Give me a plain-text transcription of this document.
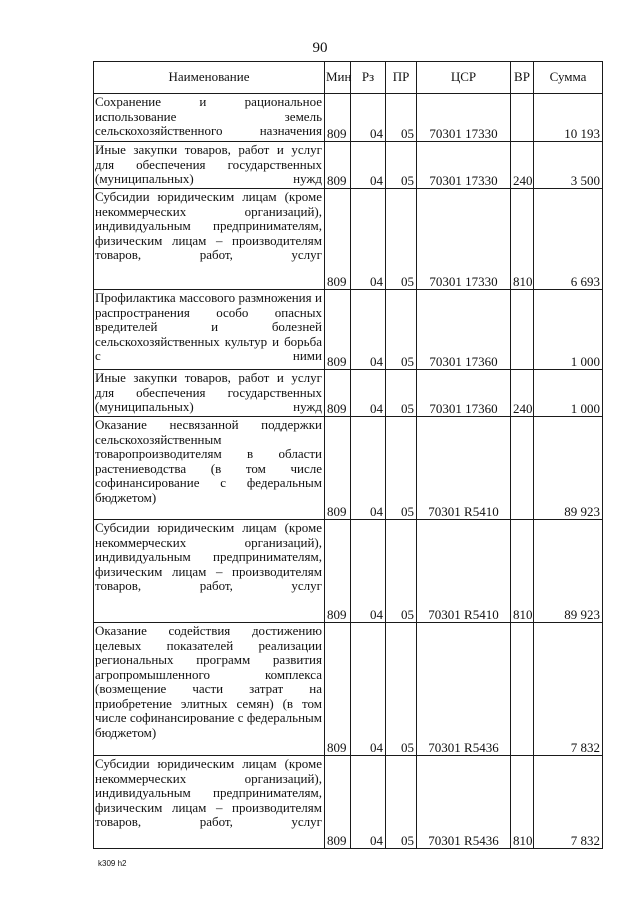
90
Наименование	Мин	Рз	ПР	ЦСР	ВР	Сумма
Сохранение и рациональное использование земель сельскохозяйственного назначения	809	04	05	70301 17330		10 193
Иные закупки товаров, работ и услуг для обеспечения государственных (муниципальных) нужд	809	04	05	70301 17330	240	3 500
Субсидии юридическим лицам (кроме некоммерческих организаций), индивидуальным предпринимателям, физическим лицам – производителям товаров, работ, услуг	809	04	05	70301 17330	810	6 693
Профилактика массового размножения и распространения особо опасных вредителей и болезней сельскохозяйственных культур и борьба с ними	809	04	05	70301 17360		1 000
Иные закупки товаров, работ и услуг для обеспечения государственных (муниципальных) нужд	809	04	05	70301 17360	240	1 000
Оказание несвязанной поддержки сельскохозяйственным товаропроизводителям в области растениеводства (в том числе софинансирование с федеральным бюджетом)	809	04	05	70301 R5410		89 923
Субсидии юридическим лицам (кроме некоммерческих организаций), индивидуальным предпринимателям, физическим лицам – производителям товаров, работ, услуг	809	04	05	70301 R5410	810	89 923
Оказание содействия достижению целевых показателей реализации региональных программ развития агропромышленного комплекса (возмещение части затрат на приобретение элитных семян) (в том числе софинансирование с федеральным бюджетом)	809	04	05	70301 R5436		7 832
Субсидии юридическим лицам (кроме некоммерческих организаций), индивидуальным предпринимателям, физическим лицам – производителям товаров, работ, услуг	809	04	05	70301 R5436	810	7 832
k309 h2
